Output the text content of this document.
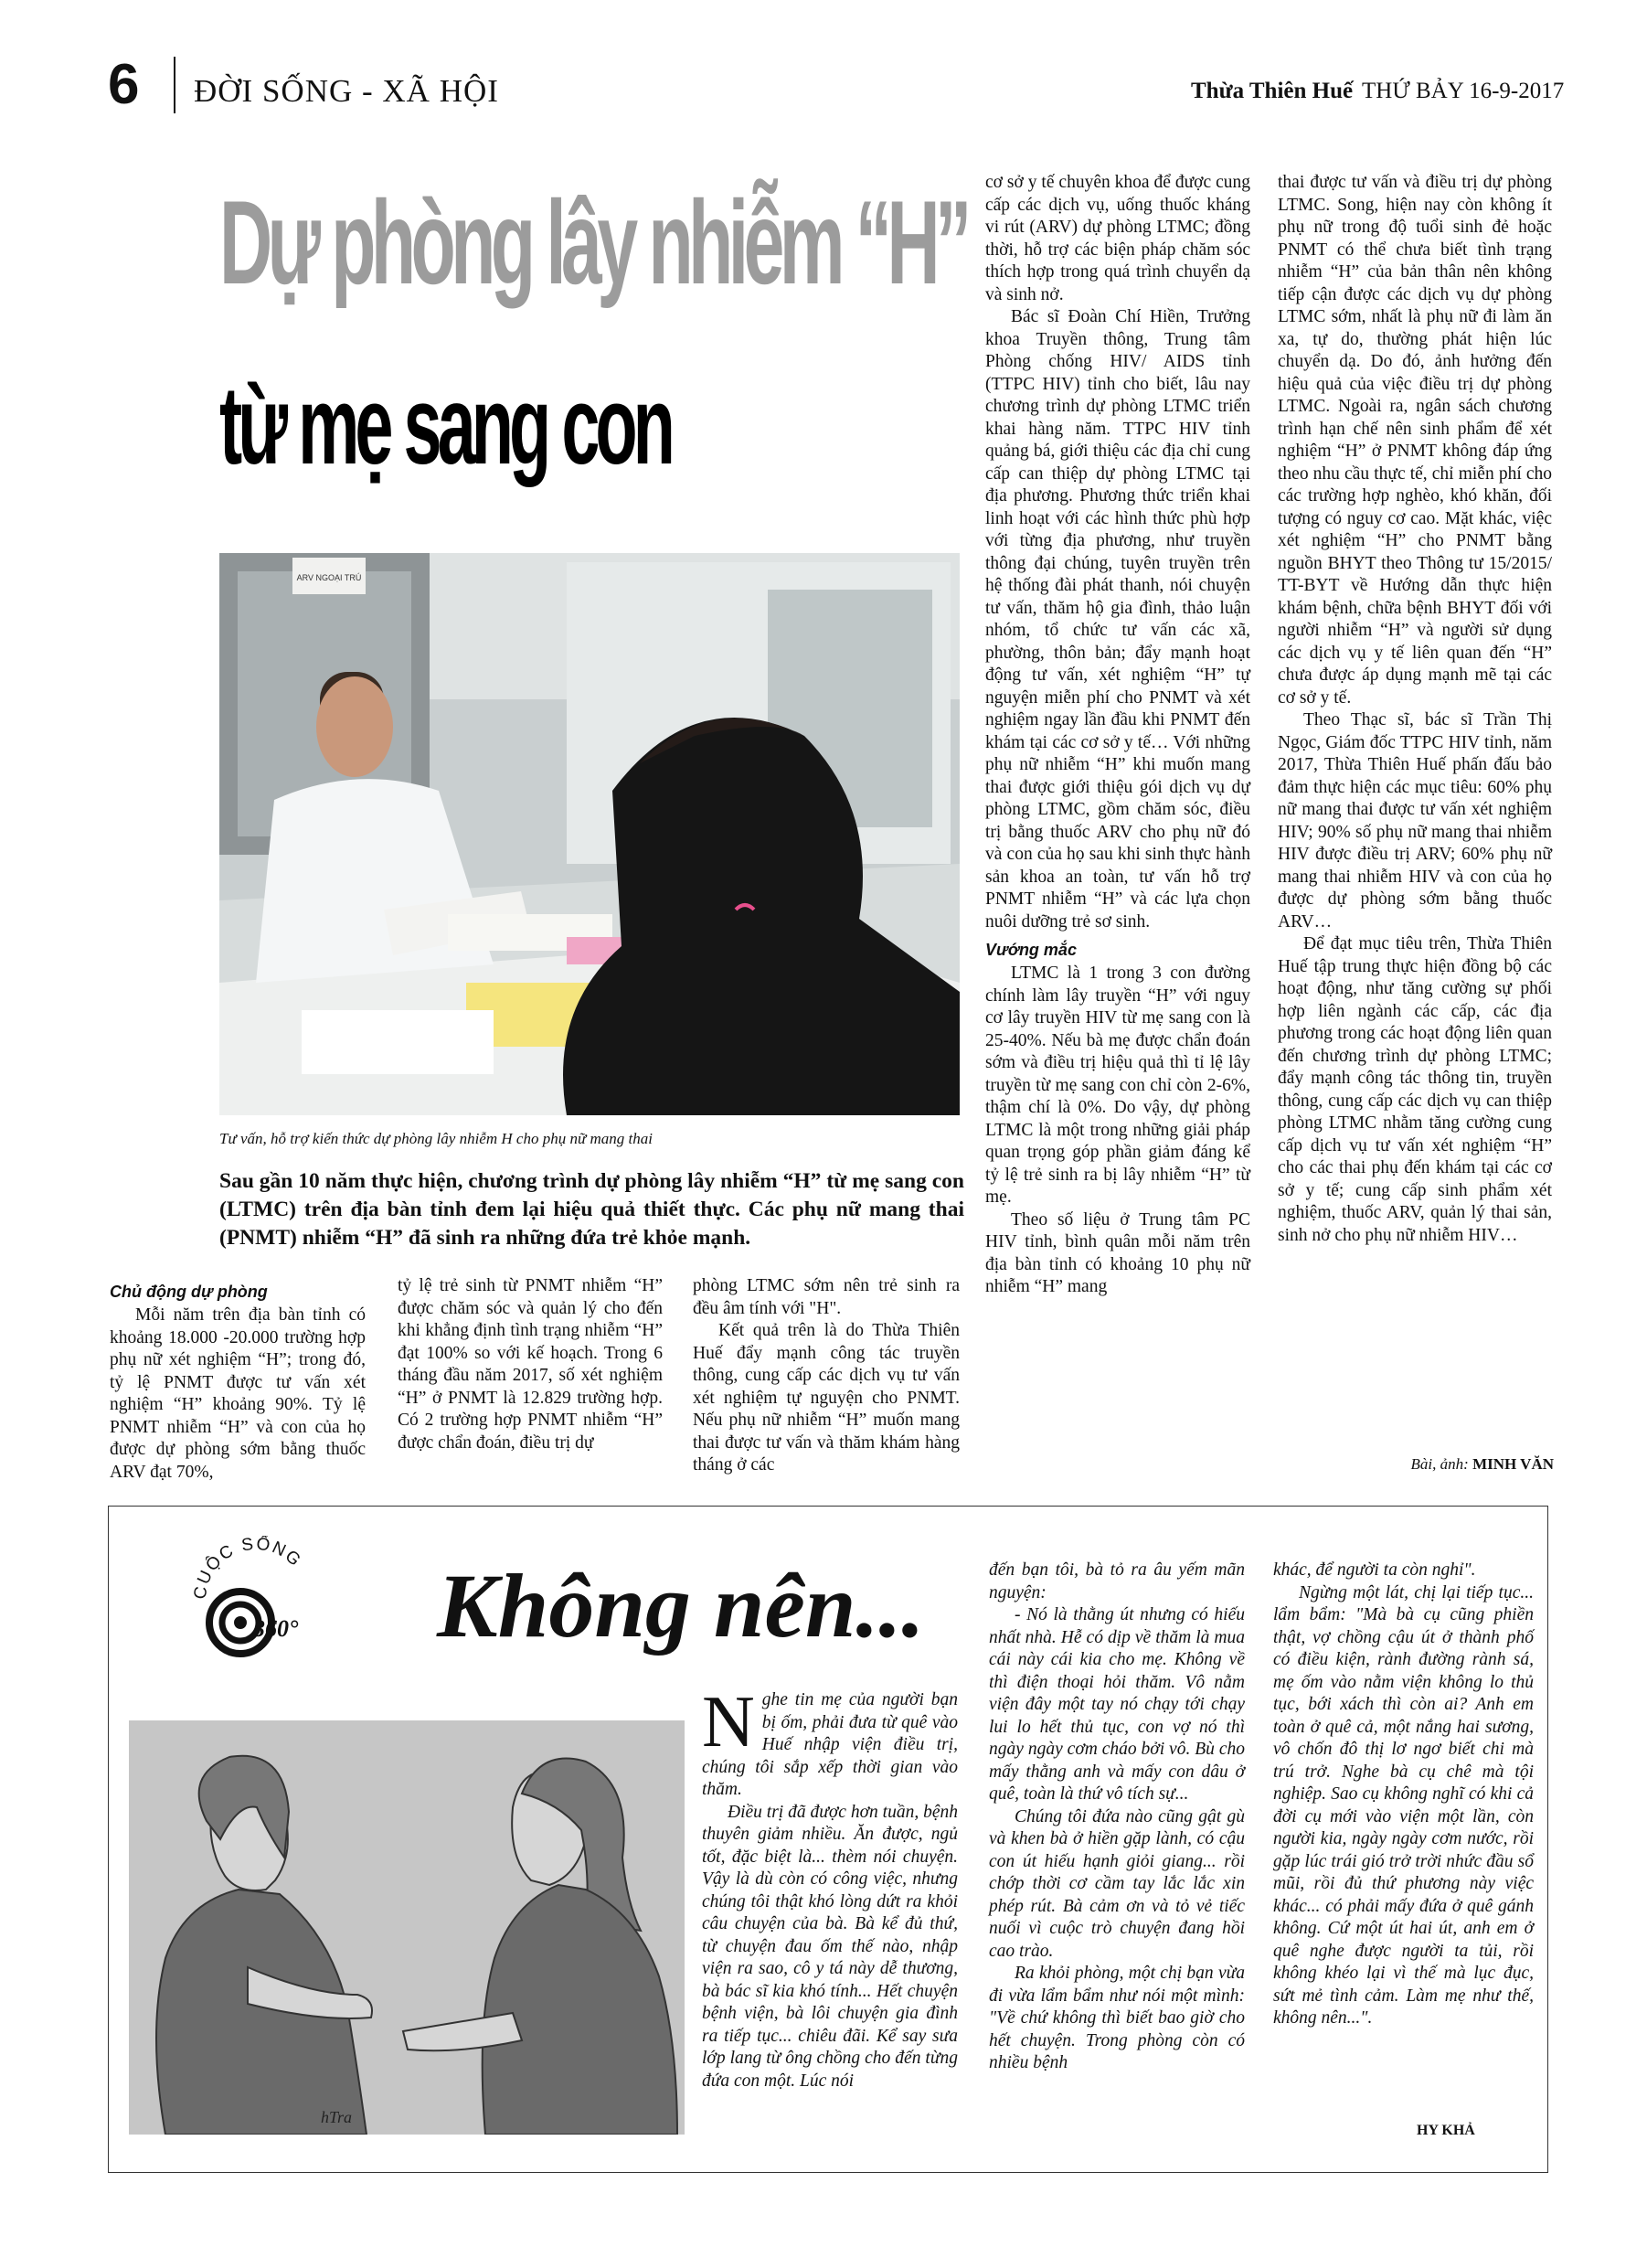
6 ĐỜI SỐNG - XÃ HỘI	Thừa Thiên Huế THỨ BẢY 16-9-2017
Dự phòng lây nhiễm “H”
từ mẹ sang con
ARV NGOẠI TRÚ
Tư vấn, hỗ trợ kiến thức dự phòng lây nhiễm H cho phụ nữ mang thai
Sau gần 10 năm thực hiện, chương trình dự phòng lây nhiễm “H” từ mẹ sang con (LTMC) trên địa bàn tỉnh đem lại hiệu quả thiết thực. Các phụ nữ mang thai (PNMT) nhiễm “H” đã sinh ra những đứa trẻ khỏe mạnh.
Chủ động dự phòng

Mỗi năm trên địa bàn tỉnh có khoảng 18.000 -20.000 trường hợp phụ nữ xét nghiệm “H”; trong đó, tỷ lệ PNMT được tư vấn xét nghiệm “H” khoảng 90%. Tỷ lệ PNMT nhiễm “H” và con của họ được dự phòng sớm bằng thuốc ARV đạt 70%,

tỷ lệ trẻ sinh từ PNMT nhiễm “H” được chăm sóc và quản lý cho đến khi khẳng định tình trạng nhiễm “H” đạt 100% so với kế hoạch. Trong 6 tháng đầu năm 2017, số xét nghiệm “H” ở PNMT là 12.829 trường hợp. Có 2 trường hợp PNMT nhiễm “H” được chẩn đoán, điều trị dự

phòng LTMC sớm nên trẻ sinh ra đều âm tính với "H".

Kết quả trên là do Thừa Thiên Huế đẩy mạnh công tác truyền thông, cung cấp các dịch vụ tư vấn xét nghiệm tự nguyện cho PNMT. Nếu phụ nữ nhiễm “H” muốn mang thai được tư vấn và thăm khám hàng tháng ở các

cơ sở y tế chuyên khoa để được cung cấp các dịch vụ, uống thuốc kháng vi rút (ARV) dự phòng LTMC; đồng thời, hỗ trợ các biện pháp chăm sóc thích hợp trong quá trình chuyển dạ và sinh nở.

Bác sĩ Đoàn Chí Hiền, Trưởng khoa Truyền thông, Trung tâm Phòng chống HIV/ AIDS tỉnh (TTPC HIV) tỉnh cho biết, lâu nay chương trình dự phòng LTMC triển khai hàng năm. TTPC HIV tỉnh quảng bá, giới thiệu các địa chỉ cung cấp can thiệp dự phòng LTMC tại địa phương. Phương thức triển khai linh hoạt với các hình thức phù hợp với từng địa phương, như truyền thông đại chúng, tuyên truyền trên hệ thống đài phát thanh, nói chuyện tư vấn, thăm hộ gia đình, thảo luận nhóm, tổ chức tư vấn các xã, phường, thôn bản; đẩy mạnh hoạt động tư vấn, xét nghiệm “H” tự nguyện miễn phí cho PNMT và xét nghiệm ngay lần đầu khi PNMT đến khám tại các cơ sở y tế… Với những phụ nữ nhiễm “H” khi muốn mang thai được giới thiệu gói dịch vụ dự phòng LTMC, gồm chăm sóc, điều trị bằng thuốc ARV cho phụ nữ đó và con của họ sau khi sinh thực hành sản khoa an toàn, tư vấn hỗ trợ PNMT nhiễm “H” và các lựa chọn nuôi dưỡng trẻ sơ sinh.

Vướng mắc

LTMC là 1 trong 3 con đường chính làm lây truyền “H” với nguy cơ lây truyền HIV từ mẹ sang con là 25-40%. Nếu bà mẹ được chẩn đoán sớm và điều trị hiệu quả thì tỉ lệ lây truyền từ mẹ sang con chỉ còn 2-6%, thậm chí là 0%. Do vậy, dự phòng LTMC là một trong những giải pháp quan trọng góp phần giảm đáng kể tỷ lệ trẻ sinh ra bị lây nhiễm “H” từ mẹ.

Theo số liệu ở Trung tâm PC HIV tỉnh, bình quân mỗi năm trên địa bàn tỉnh có khoảng 10 phụ nữ nhiễm “H” mang

thai được tư vấn và điều trị dự phòng LTMC. Song, hiện nay còn không ít phụ nữ trong độ tuổi sinh đẻ hoặc PNMT có thể chưa biết tình trạng nhiễm “H” của bản thân nên không tiếp cận được các dịch vụ dự phòng LTMC sớm, nhất là phụ nữ đi làm ăn xa, tự do, thường phát hiện lúc chuyển dạ. Do đó, ảnh hưởng đến hiệu quả của việc điều trị dự phòng LTMC. Ngoài ra, ngân sách chương trình hạn chế nên sinh phẩm để xét nghiệm “H” ở PNMT không đáp ứng theo nhu cầu thực tế, chỉ miễn phí cho các trường hợp nghèo, khó khăn, đối tượng có nguy cơ cao. Mặt khác, việc xét nghiệm “H” cho PNMT bằng nguồn BHYT theo Thông tư 15/2015/ TT-BYT về Hướng dẫn thực hiện khám bệnh, chữa bệnh BHYT đối với người nhiễm “H” và người sử dụng các dịch vụ y tế liên quan đến “H” chưa được áp dụng mạnh mẽ tại các cơ sở y tế.

Theo Thạc sĩ, bác sĩ Trần Thị Ngọc, Giám đốc TTPC HIV tỉnh, năm 2017, Thừa Thiên Huế phấn đấu bảo đảm thực hiện các mục tiêu: 60% phụ nữ mang thai được tư vấn xét nghiệm HIV; 90% số phụ nữ mang thai nhiễm HIV được điều trị ARV; 60% phụ nữ mang thai nhiễm HIV và con của họ được dự phòng sớm bằng thuốc ARV…

Để đạt mục tiêu trên, Thừa Thiên Huế tập trung thực hiện đồng bộ các hoạt động, như tăng cường sự phối hợp liên ngành các cấp, các địa phương trong các hoạt động liên quan đến chương trình dự phòng LTMC; đẩy mạnh công tác thông tin, truyền thông, cung cấp các dịch vụ can thiệp phòng LTMC nhằm tăng cường cung cấp dịch vụ tư vấn xét nghiệm “H” cho các thai phụ đến khám tại các cơ sở y tế; cung cấp sinh phẩm xét nghiệm, thuốc ARV, quản lý thai sản, sinh nở cho phụ nữ nhiễm HIV…

Bài, ảnh: MINH VĂN
CUỘC SỐNG
360° Không nên...
hTra

Nghe tin mẹ của người bạn bị ốm, phải đưa từ quê vào Huế nhập viện điều trị, chúng tôi sắp xếp thời gian vào thăm.

Điều trị đã được hơn tuần, bệnh thuyên giảm nhiều. Ăn được, ngủ tốt, đặc biệt là... thèm nói chuyện. Vậy là dù còn có công việc, nhưng chúng tôi thật khó lòng dứt ra khỏi câu chuyện của bà. Bà kể đủ thứ, từ chuyện đau ốm thế nào, nhập viện ra sao, cô y tá này dễ thương, bà bác sĩ kia khó tính... Hết chuyện bệnh viện, bà lôi chuyện gia đình ra tiếp tục... chiêu đãi. Kể say sưa lớp lang từ ông chồng cho đến từng đứa con một. Lúc nói

đến bạn tôi, bà tỏ ra âu yếm mãn nguyện:

- Nó là thằng út nhưng có hiếu nhất nhà. Hễ có dịp về thăm là mua cái này cái kia cho mẹ. Không về thì điện thoại hỏi thăm. Vô nằm viện đây một tay nó chạy tới chạy lui lo hết thủ tục, con vợ nó thì ngày ngày cơm cháo bởi vô. Bù cho mấy thằng anh và mấy con dâu ở quê, toàn là thứ vô tích sự...

Chúng tôi đứa nào cũng gật gù và khen bà ở hiền gặp lành, có cậu con út hiếu hạnh giỏi giang... rồi chớp thời cơ cầm tay lắc lắc xin phép rút. Bà cảm ơn và tỏ vẻ tiếc nuối vì cuộc trò chuyện đang hồi cao trào.

Ra khỏi phòng, một chị bạn vừa đi vừa lẩm bẩm như nói một mình: "Về chứ không thì biết bao giờ cho hết chuyện. Trong phòng còn có nhiều bệnh

khác, để người ta còn nghỉ".

Ngừng một lát, chị lại tiếp tục... lẩm bẩm: "Mà bà cụ cũng phiền thật, vợ chồng cậu út ở thành phố có điều kiện, rành đường rành sá, mẹ ốm vào nằm viện không lo thủ tục, bới xách thì còn ai? Anh em toàn ở quê cả, một nắng hai sương, vô chốn đô thị lơ ngơ biết chi mà trú trở. Nghe bà cụ chê mà tội nghiệp. Sao cụ không nghĩ có khi cả đời cụ mới vào viện một lần, còn người kia, ngày ngày cơm nước, rồi gặp lúc trái gió trở trời nhức đầu sổ mũi, rồi đủ thứ phương này việc khác... có phải mấy đứa ở quê gánh không. Cứ một út hai út, anh em ở quê nghe được người ta tủi, rồi không khéo lại vì thế mà lục đục, sứt mẻ tình cảm. Làm mẹ như thế, không nên...".

HY KHẢ
